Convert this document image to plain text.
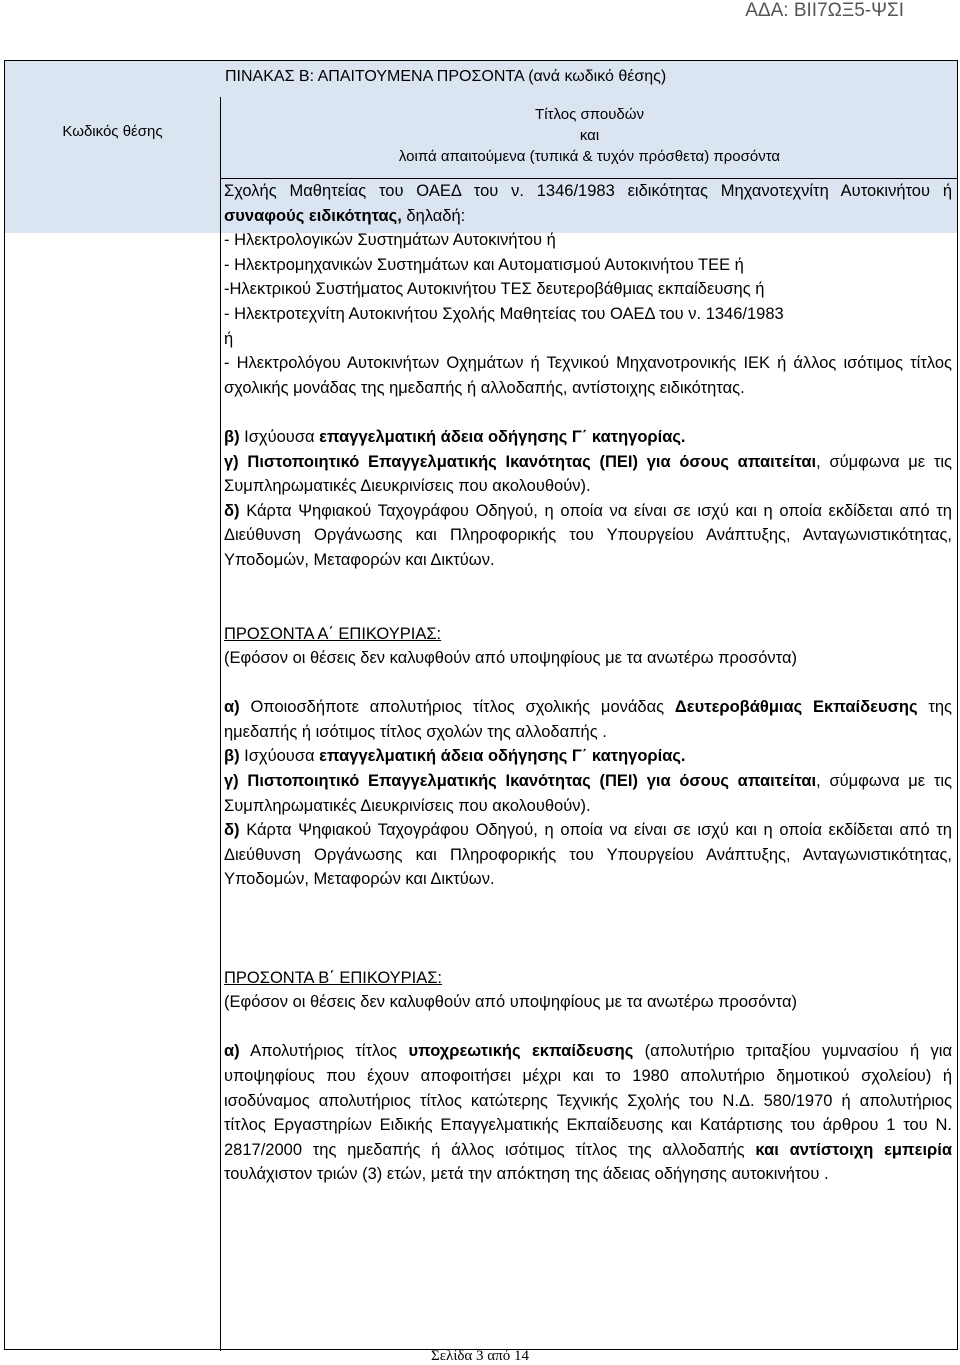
ΑΔΑ: ΒΙΙ7ΩΞ5-ΨΣΙ
ΠΙΝΑΚΑΣ Β: ΑΠΑΙΤΟΥΜΕΝΑ ΠΡΟΣΟΝΤΑ (ανά κωδικό θέσης)
Κωδικός θέσης
Τίτλος σπουδών
και
λοιπά απαιτούμενα (τυπικά & τυχόν πρόσθετα) προσόντα

Σχολής Μαθητείας του ΟΑΕΔ του ν. 1346/1983 ειδικότητας Μηχανοτεχνίτη Αυτοκινήτου ή συναφούς ειδικότητας, δηλαδή:

- Ηλεκτρολογικών Συστημάτων Αυτοκινήτου ή

- Ηλεκτρομηχανικών Συστημάτων και Αυτοματισμού Αυτοκινήτου ΤΕΕ ή

-Ηλεκτρικού Συστήματος Αυτοκινήτου ΤΕΣ δευτεροβάθμιας εκπαίδευσης ή

- Ηλεκτροτεχνίτη Αυτοκινήτου Σχολής Μαθητείας του ΟΑΕΔ του ν. 1346/1983

ή

- Ηλεκτρολόγου Αυτοκινήτων Οχημάτων ή Τεχνικού Μηχανοτρονικής ΙΕΚ ή άλλος ισότιμος τίτλος σχολικής μονάδας της ημεδαπής ή αλλοδαπής, αντίστοιχης ειδικότητας.

β) Ισχύουσα επαγγελματική άδεια οδήγησης Γ΄ κατηγορίας.

γ) Πιστοποιητικό Επαγγελματικής Ικανότητας (ΠΕΙ) για όσους απαιτείται, σύμφωνα με τις Συμπληρωματικές Διευκρινίσεις που ακολουθούν).

δ) Κάρτα Ψηφιακού Ταχογράφου Οδηγού, η οποία να είναι σε ισχύ και η οποία εκδίδεται από τη Διεύθυνση Οργάνωσης και Πληροφορικής του Υπουργείου Ανάπτυξης, Ανταγωνιστικότητας, Υποδομών, Μεταφορών και Δικτύων.

ΠΡΟΣΟΝΤΑ Α΄ ΕΠΙΚΟΥΡΙΑΣ:

(Εφόσον οι θέσεις δεν καλυφθούν από υποψηφίους με τα ανωτέρω προσόντα)

α) Οποιοσδήποτε απολυτήριος τίτλος σχολικής μονάδας Δευτεροβάθμιας Εκπαίδευσης της ημεδαπής ή ισότιμος τίτλος σχολών της αλλοδαπής .

β) Ισχύουσα επαγγελματική άδεια οδήγησης Γ΄ κατηγορίας.

γ) Πιστοποιητικό Επαγγελματικής Ικανότητας (ΠΕΙ) για όσους απαιτείται, σύμφωνα με τις Συμπληρωματικές Διευκρινίσεις που ακολουθούν).

δ) Κάρτα Ψηφιακού Ταχογράφου Οδηγού, η οποία να είναι σε ισχύ και η οποία εκδίδεται από τη Διεύθυνση Οργάνωσης και Πληροφορικής του Υπουργείου Ανάπτυξης, Ανταγωνιστικότητας, Υποδομών, Μεταφορών και Δικτύων.

ΠΡΟΣΟΝΤΑ Β΄ ΕΠΙΚΟΥΡΙΑΣ:

(Εφόσον οι θέσεις δεν καλυφθούν από υποψηφίους με τα ανωτέρω προσόντα)

α) Απολυτήριος τίτλος υποχρεωτικής εκπαίδευσης (απολυτήριο τριταξίου γυμνασίου ή για υποψηφίους που έχουν αποφοιτήσει μέχρι και το 1980 απολυτήριο δημοτικού σχολείου) ή ισοδύναμος απολυτήριος τίτλος κατώτερης Τεχνικής Σχολής του Ν.Δ. 580/1970 ή απολυτήριος τίτλος Εργαστηρίων Ειδικής Επαγγελματικής Εκπαίδευσης και Κατάρτισης του άρθρου 1 του Ν. 2817/2000 της ημεδαπής ή άλλος ισότιμος τίτλος της αλλοδαπής και αντίστοιχη εμπειρία τουλάχιστον τριών (3) ετών, μετά την απόκτηση της άδειας οδήγησης αυτοκινήτου .

Σελίδα 3 από 14
